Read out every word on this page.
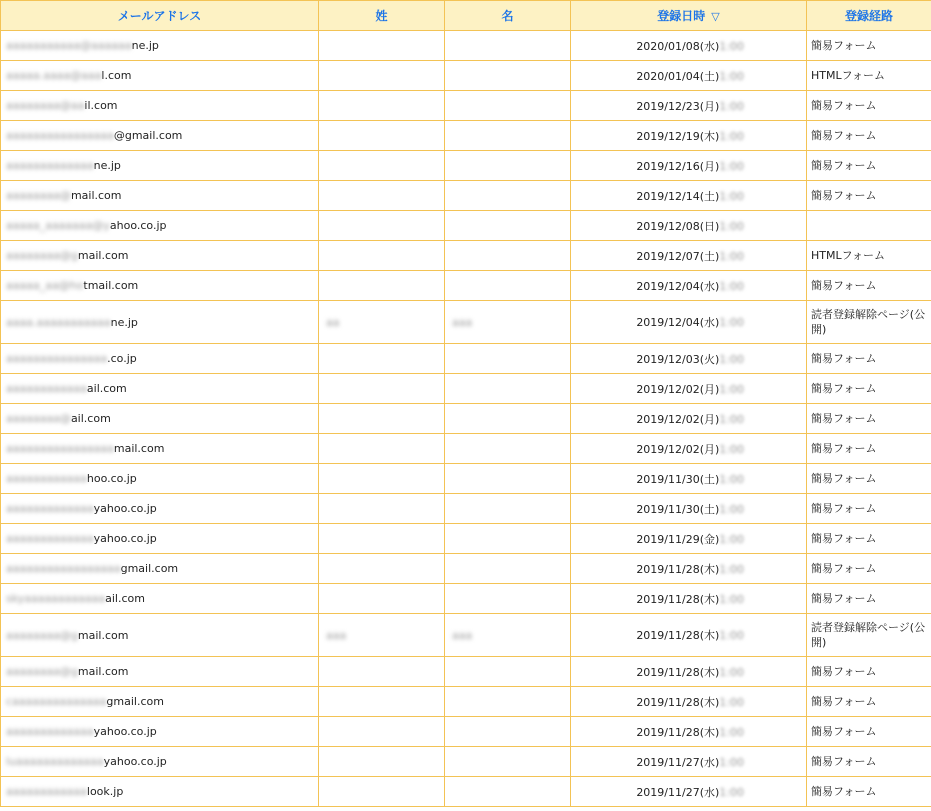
メールアドレス	姓	名	登録日時 ▽	登録経路
aaaaaaaaaaa@aaaaaane.jp			2020/01/08(水)1:00	簡易フォーム
aaaaa.aaaa@aaal.com			2020/01/04(土)1:00	HTMLフォーム
aaaaaaaa@aail.com			2019/12/23(月)1:00	簡易フォーム
aaaaaaaaaaaaaaaa@gmail.com			2019/12/19(木)1:00	簡易フォーム
aaaaaaaaaaaaane.jp			2019/12/16(月)1:00	簡易フォーム
aaaaaaaa@mail.com			2019/12/14(土)1:00	簡易フォーム
aaaaa_aaaaaaa@yahoo.co.jp			2019/12/08(日)1:00	
aaaaaaaa@gmail.com			2019/12/07(土)1:00	HTMLフォーム
aaaaa_aa@hotmail.com			2019/12/04(水)1:00	簡易フォーム
aaaa.aaaaaaaaaaane.jp	aa	aaa	2019/12/04(水)1:00	読者登録解除ページ(公開)
aaaaaaaaaaaaaaa.co.jp			2019/12/03(火)1:00	簡易フォーム
aaaaaaaaaaaaail.com			2019/12/02(月)1:00	簡易フォーム
aaaaaaaa@ail.com			2019/12/02(月)1:00	簡易フォーム
aaaaaaaaaaaaaaaamail.com			2019/12/02(月)1:00	簡易フォーム
aaaaaaaaaaaahoo.co.jp			2019/11/30(土)1:00	簡易フォーム
aaaaaaaaaaaaayahoo.co.jp			2019/11/30(土)1:00	簡易フォーム
aaaaaaaaaaaaayahoo.co.jp			2019/11/29(金)1:00	簡易フォーム
aaaaaaaaaaaaaaaaagmail.com			2019/11/28(木)1:00	簡易フォーム
skyaaaaaaaaaaaaail.com			2019/11/28(木)1:00	簡易フォーム
aaaaaaaa@gmail.com	aaa	aaa	2019/11/28(木)1:00	読者登録解除ページ(公開)
aaaaaaaa@gmail.com			2019/11/28(木)1:00	簡易フォーム
caaaaaaaaaaaaaagmail.com			2019/11/28(木)1:00	簡易フォーム
aaaaaaaaaaaaayahoo.co.jp			2019/11/28(木)1:00	簡易フォーム
luaaaaaaaaaaaaayahoo.co.jp			2019/11/27(水)1:00	簡易フォーム
aaaaaaaaaaaalook.jp			2019/11/27(水)1:00	簡易フォーム
